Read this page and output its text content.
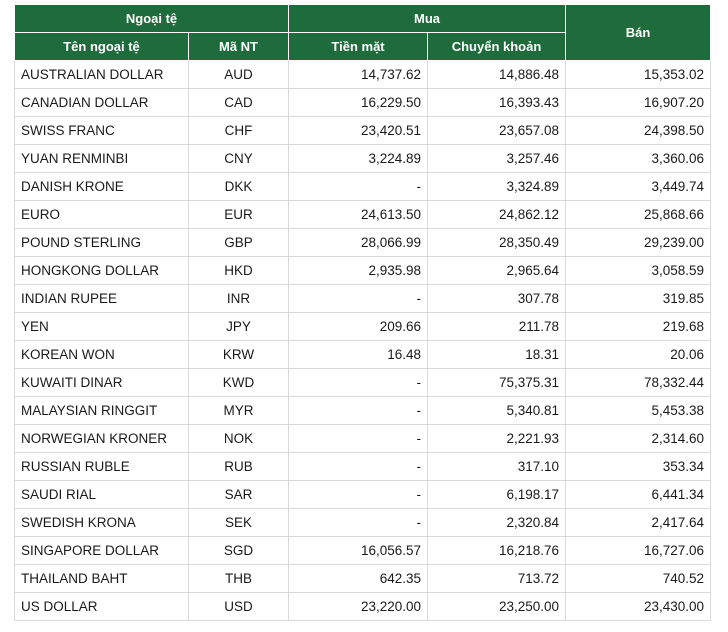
Ngoại tệ		Mua		Bán
Tên ngoại tệ	Mã NT	Tiền mặt	Chuyển khoản	
AUSTRALIAN DOLLAR	AUD	14,737.62	14,886.48	15,353.02
CANADIAN DOLLAR	CAD	16,229.50	16,393.43	16,907.20
SWISS FRANC	CHF	23,420.51	23,657.08	24,398.50
YUAN RENMINBI	CNY	3,224.89	3,257.46	3,360.06
DANISH KRONE	DKK	-	3,324.89	3,449.74
EURO	EUR	24,613.50	24,862.12	25,868.66
POUND STERLING	GBP	28,066.99	28,350.49	29,239.00
HONGKONG DOLLAR	HKD	2,935.98	2,965.64	3,058.59
INDIAN RUPEE	INR	-	307.78	319.85
YEN	JPY	209.66	211.78	219.68
KOREAN WON	KRW	16.48	18.31	20.06
KUWAITI DINAR	KWD	-	75,375.31	78,332.44
MALAYSIAN RINGGIT	MYR	-	5,340.81	5,453.38
NORWEGIAN KRONER	NOK	-	2,221.93	2,314.60
RUSSIAN RUBLE	RUB	-	317.10	353.34
SAUDI RIAL	SAR	-	6,198.17	6,441.34
SWEDISH KRONA	SEK	-	2,320.84	2,417.64
SINGAPORE DOLLAR	SGD	16,056.57	16,218.76	16,727.06
THAILAND BAHT	THB	642.35	713.72	740.52
US DOLLAR	USD	23,220.00	23,250.00	23,430.00
